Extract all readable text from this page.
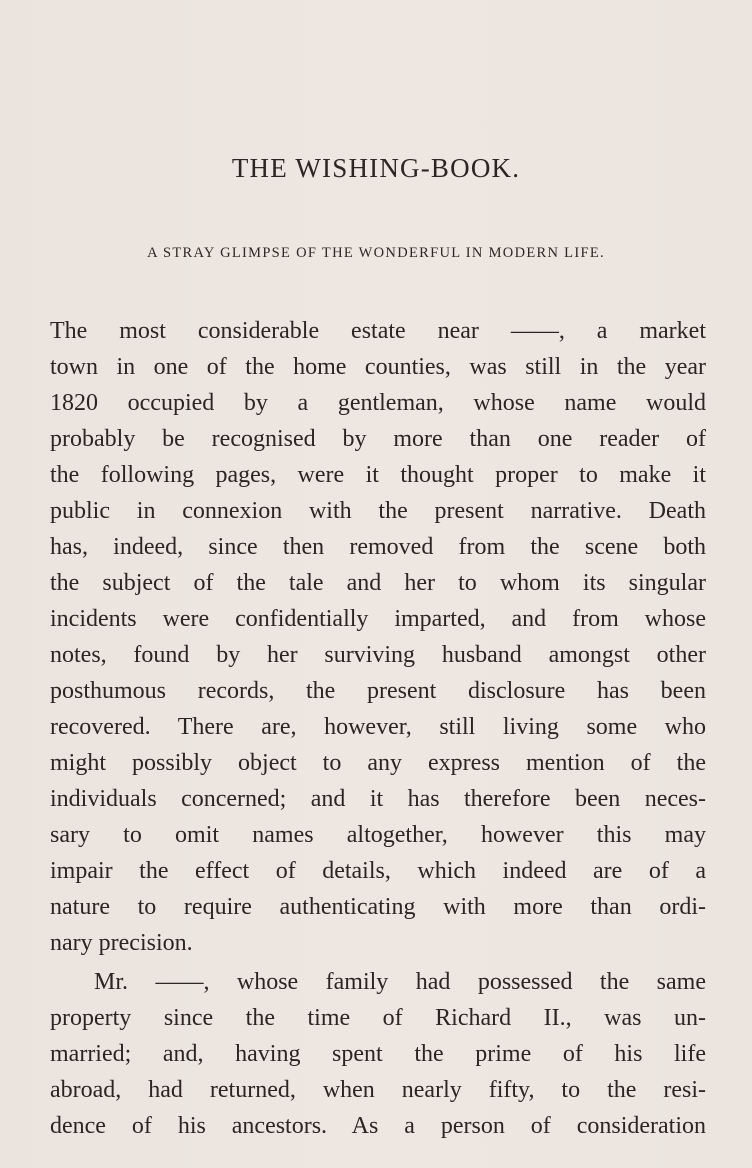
THE WISHING-BOOK.
A STRAY GLIMPSE OF THE WONDERFUL IN MODERN LIFE.
The most considerable estate near ——, a market
town in one of the home counties, was still in the year
1820 occupied by a gentleman, whose name would
probably be recognised by more than one reader of
the following pages, were it thought proper to make it
public in connexion with the present narrative. Death
has, indeed, since then removed from the scene both
the subject of the tale and her to whom its singular
incidents were confidentially imparted, and from whose
notes, found by her surviving husband amongst other
posthumous records, the present disclosure has been
recovered. There are, however, still living some who
might possibly object to any express mention of the
individuals concerned; and it has therefore been neces-
sary to omit names altogether, however this may
impair the effect of details, which indeed are of a
nature to require authenticating with more than ordi-
nary precision.
Mr. ——, whose family had possessed the same
property since the time of Richard II., was un-
married; and, having spent the prime of his life
abroad, had returned, when nearly fifty, to the resi-
dence of his ancestors. As a person of consideration
